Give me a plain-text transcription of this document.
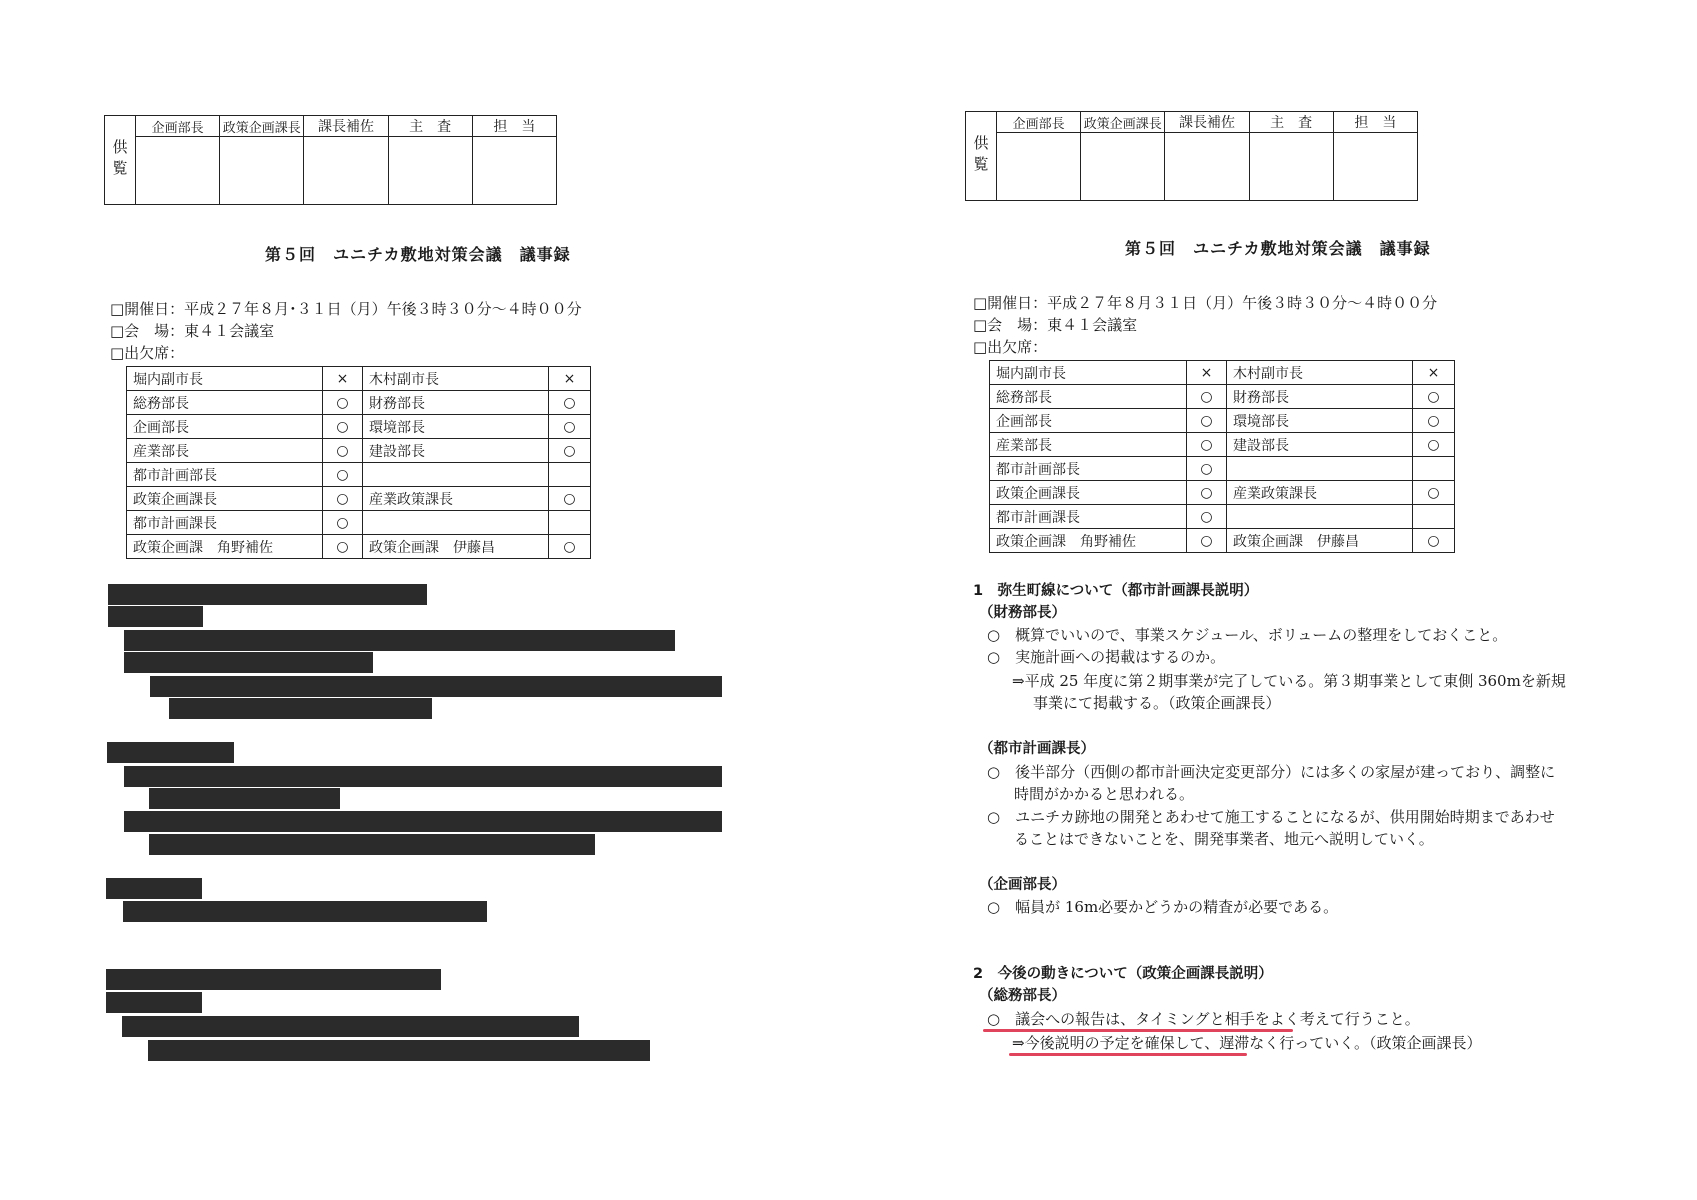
供覧	企画部長	政策企画課長	課長補佐	主　査	担　当

第５回　ユニチカ敷地対策会議　議事録
□開催日：平成２７年８月･３１日（月）午後３時３０分～４時００分
□会　場：東４１会議室
□出欠席：
堀内副市長	×	木村副市長	×
総務部長	○	財務部長	○
企画部長	○	環境部長	○
産業部長	○	建設部長	○
都市計画部長	○		
政策企画課長	○	産業政策課長	○
都市計画課長	○		
政策企画課　角野補佐	○	政策企画課　伊藤昌	○
供覧	企画部長	政策企画課長	課長補佐	主　査	担　当

第５回　ユニチカ敷地対策会議　議事録
□開催日：平成２７年８月３１日（月）午後３時３０分～４時００分
□会　場：東４１会議室
□出欠席：
堀内副市長	×	木村副市長	×
総務部長	○	財務部長	○
企画部長	○	環境部長	○
産業部長	○	建設部長	○
都市計画部長	○		
政策企画課長	○	産業政策課長	○
都市計画課長	○		
政策企画課　角野補佐	○	政策企画課　伊藤昌	○
1　弥生町線について（都市計画課長説明）
（財務部長）
○　概算でいいので、事業スケジュール、ボリュームの整理をしておくこと。
○　実施計画への掲載はするのか。
⇒平成 25 年度に第２期事業が完了している。第３期事業として東側 360mを新規
事業にて掲載する。（政策企画課長）
（都市計画課長）
○　後半部分（西側の都市計画決定変更部分）には多くの家屋が建っており、調整に
時間がかかると思われる。
○　ユニチカ跡地の開発とあわせて施工することになるが、供用開始時期まであわせ
ることはできないことを、開発事業者、地元へ説明していく。
（企画部長）
○　幅員が 16m必要かどうかの精査が必要である。
2　今後の動きについて（政策企画課長説明）
（総務部長）
○　議会への報告は、タイミングと相手をよく考えて行うこと。
⇒今後説明の予定を確保して、遅滞なく行っていく。（政策企画課長）
